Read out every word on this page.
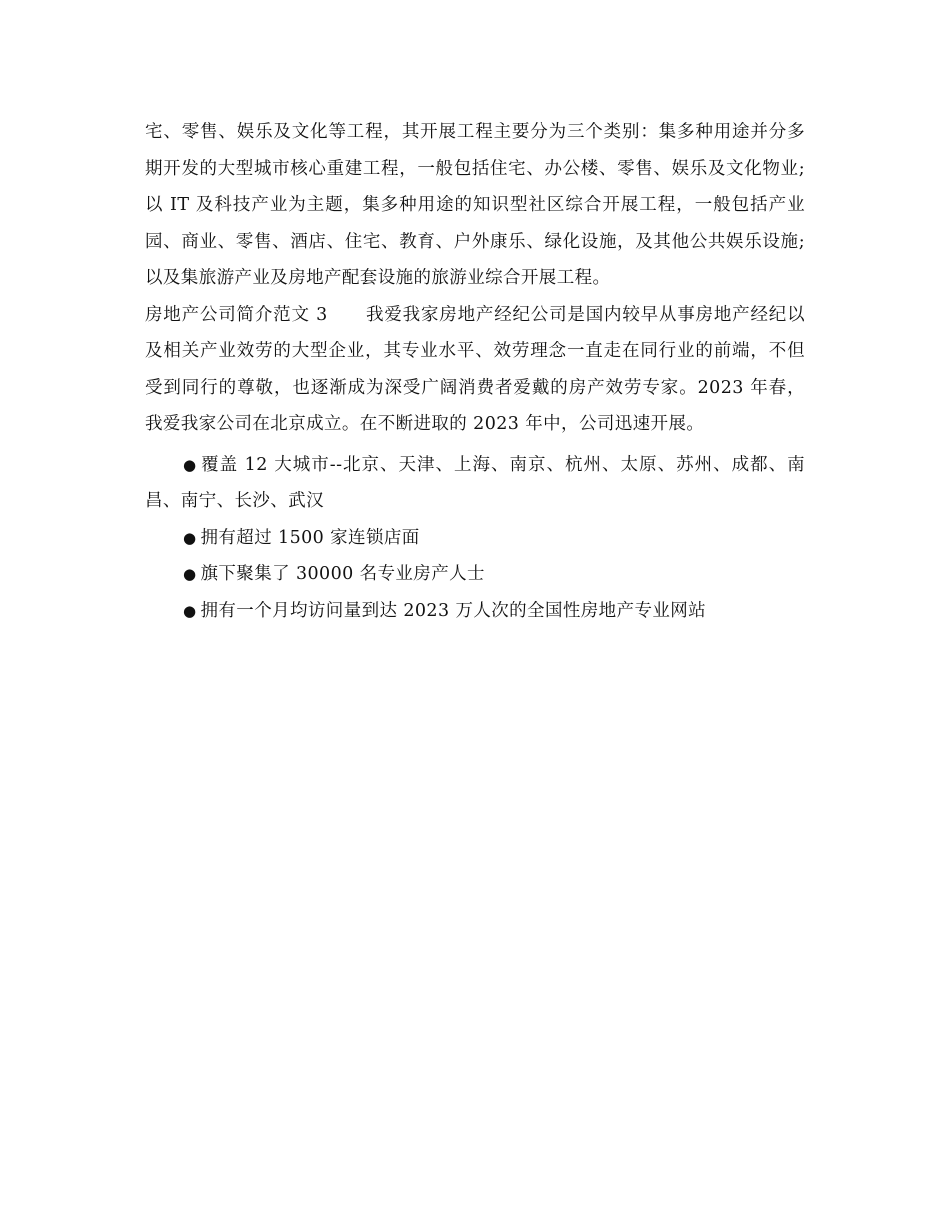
宅、零售、娱乐及文化等工程，其开展工程主要分为三个类别：集多种用途并分多期开发的大型城市核心重建工程，一般包括住宅、办公楼、零售、娱乐及文化物业;以 IT 及科技产业为主题，集多种用途的知识型社区综合开展工程，一般包括产业园、商业、零售、酒店、住宅、教育、户外康乐、绿化设施，及其他公共娱乐设施;以及集旅游产业及房地产配套设施的旅游业综合开展工程。

房地产公司简介范文 3 我爱我家房地产经纪公司是国内较早从事房地产经纪以及相关产业效劳的大型企业，其专业水平、效劳理念一直走在同行业的前端，不但受到同行的尊敬，也逐渐成为深受广阔消费者爱戴的房产效劳专家。2023 年春，我爱我家公司在北京成立。在不断进取的 2023 年中，公司迅速开展。

● 覆盖 12 大城市--北京、天津、上海、南京、杭州、太原、苏州、成都、南昌、南宁、长沙、武汉

● 拥有超过 1500 家连锁店面

● 旗下聚集了 30000 名专业房产人士

● 拥有一个月均访问量到达 2023 万人次的全国性房地产专业网站
